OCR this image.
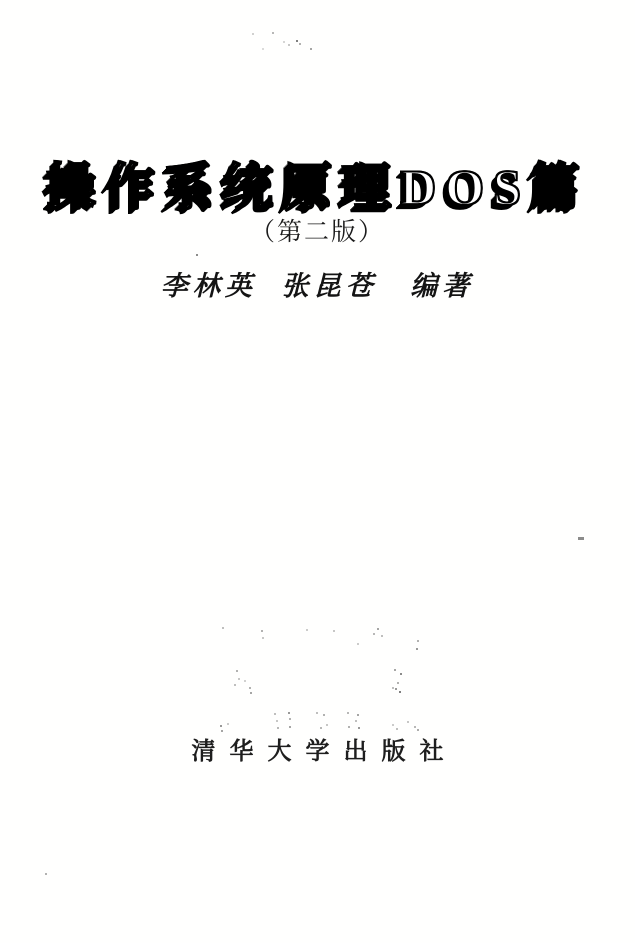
操作系统原理DOS篇
（第二版）
李林英 张昆苍 编著
清华大学出版社
